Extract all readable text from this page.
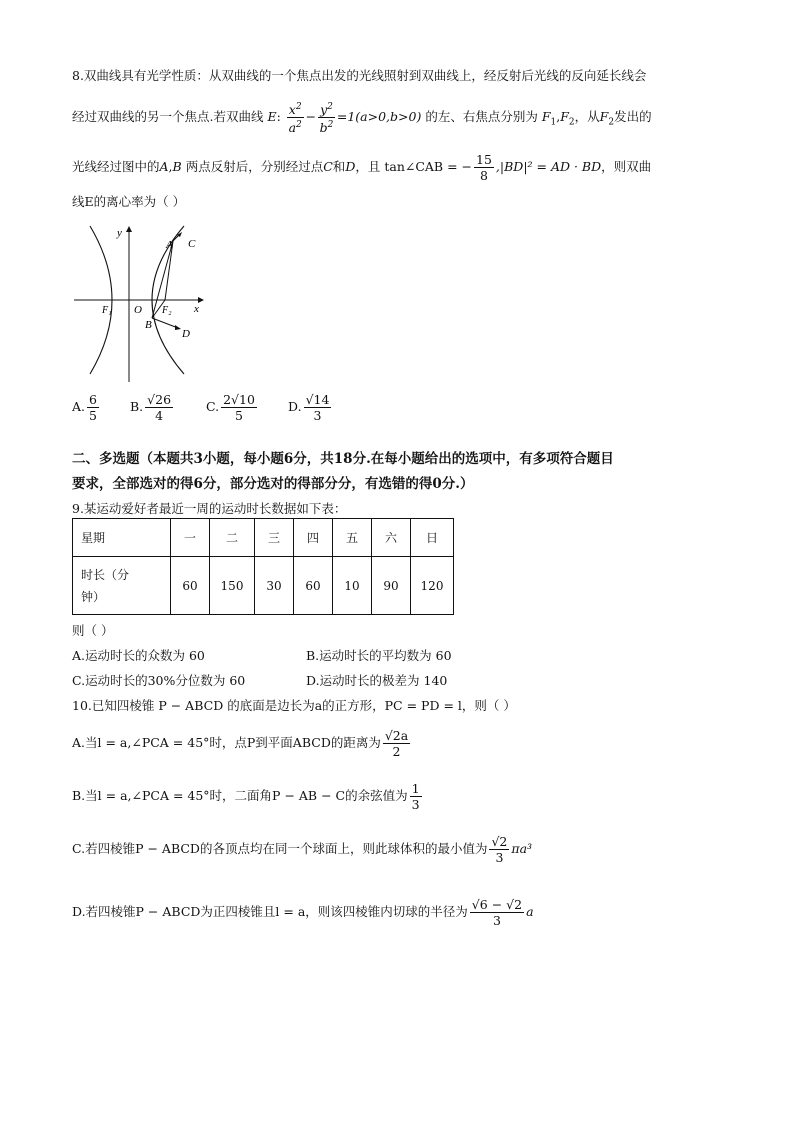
8.双曲线具有光学性质：从双曲线的一个焦点出发的光线照射到双曲线上，经反射后光线的反向延长线会
经过双曲线的另一个焦点.若双曲线 E: $\frac{x^2}{a^2} - \frac{y^2}{b^2} =1(a>0,b>0)$ 的左、右焦点分别为 $F_1,F_2$，从$F_2$发出的
光线经过图中的A,B 两点反射后，分别经过点C和D，且 tan∠CAB = − $\frac{15}{8} ,|BD|^2$ = AD · BD，则双曲
线E的离心率为（ ）
y
x
O
F₁	F₂
A C
B
D
A. $\frac{6}{5} B$. $\frac{√26}{4}$	C. $\frac{2√10}{5} D$. $\frac{√14}{3}$
二、多选题（本题共3小题，每小题6分，共18分.在每小题给出的选项中，有多项符合题目
要求，全部选对的得6分，部分选对的得部分分，有选错的得0分.）
9.某运动爱好者最近一周的运动时长数据如下表：
星期	一	二	三	四	五	六	日
时长（分
钟）	60	150	30	60	10	90	120
则（ ）
A.运动时长的众数为 60	B.运动时长的平均数为 60
C.运动时长的30%分位数为 60	D.运动时长的极差为 140
10.已知四棱锥 P − ABCD 的底面是边长为a的正方形，PC = PD = l，则（ ）
A.当l = a,∠PCA = 45°时，点P到平面ABCD的距离为 $\frac{√2a}{2}$
B.当l = a,∠PCA = 45°时，二面角P − AB − C的余弦值为 $\frac{1}{3}$
C.若四棱锥P − ABCD的各顶点均在同一个球面上，则此球体积的最小值为 $\frac{√2}{3} \pi a^3$
D.若四棱锥P − ABCD为正四棱锥且l = a，则该四棱锥内切球的半径为 $\frac{√6 - √2}{3}$ a
